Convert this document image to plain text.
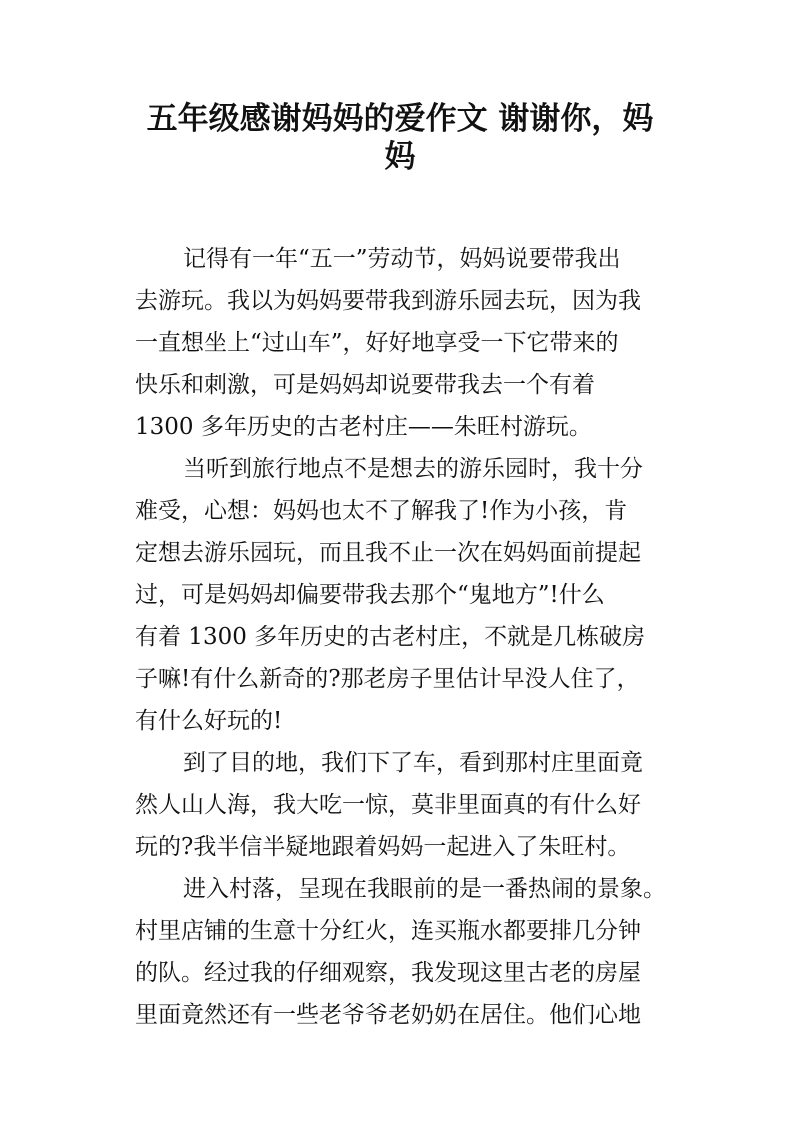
五年级感谢妈妈的爱作文 谢谢你，妈
妈
记得有一年“五一”劳动节，妈妈说要带我出
去游玩。我以为妈妈要带我到游乐园去玩，因为我
一直想坐上“过山车”，好好地享受一下它带来的
快乐和刺激，可是妈妈却说要带我去一个有着
1300 多年历史的古老村庄——朱旺村游玩。
当听到旅行地点不是想去的游乐园时，我十分
难受，心想：妈妈也太不了解我了!作为小孩，肯
定想去游乐园玩，而且我不止一次在妈妈面前提起
过，可是妈妈却偏要带我去那个“鬼地方”!什么
有着 1300 多年历史的古老村庄，不就是几栋破房
子嘛!有什么新奇的?那老房子里估计早没人住了，
有什么好玩的!
到了目的地，我们下了车，看到那村庄里面竟
然人山人海，我大吃一惊，莫非里面真的有什么好
玩的?我半信半疑地跟着妈妈一起进入了朱旺村。
进入村落，呈现在我眼前的是一番热闹的景象。
村里店铺的生意十分红火，连买瓶水都要排几分钟
的队。经过我的仔细观察，我发现这里古老的房屋
里面竟然还有一些老爷爷老奶奶在居住。他们心地
